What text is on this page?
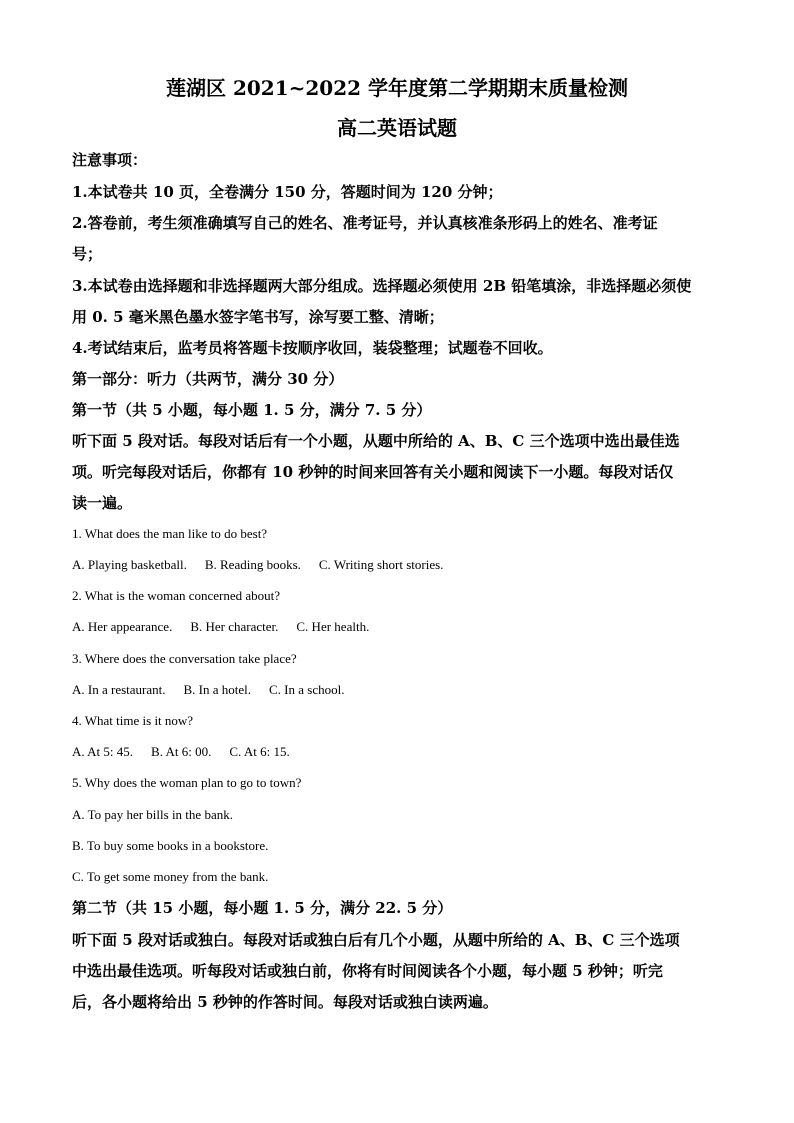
莲湖区 2021~2022 学年度第二学期期末质量检测
高二英语试题
注意事项：
1.本试卷共 10 页，全卷满分 150 分，答题时间为 120 分钟；
2.答卷前，考生须准确填写自己的姓名、准考证号，并认真核准条形码上的姓名、准考证
号；
3.本试卷由选择题和非选择题两大部分组成。选择题必须使用 2B 铅笔填涂，非选择题必须使
用 0. 5 毫米黑色墨水签字笔书写，涂写要工整、清晰；
4.考试结束后，监考员将答题卡按顺序收回，装袋整理；试题卷不回收。
第一部分：听力（共两节，满分 30 分）
第一节（共 5 小题，每小题 1. 5 分，满分 7. 5 分）
听下面 5 段对话。每段对话后有一个小题，从题中所给的 A、B、C 三个选项中选出最佳选
项。听完每段对话后，你都有 10 秒钟的时间来回答有关小题和阅读下一小题。每段对话仅
读一遍。
1. What does the man like to do best?
A. Playing basketball. B. Reading books. C. Writing short stories.
2. What is the woman concerned about?
A. Her appearance. B. Her character. C. Her health.
3. Where does the conversation take place?
A. In a restaurant. B. In a hotel. C. In a school.
4. What time is it now?
A. At 5: 45. B. At 6: 00. C. At 6: 15.
5. Why does the woman plan to go to town?
A. To pay her bills in the bank.
B. To buy some books in a bookstore.
C. To get some money from the bank.
第二节（共 15 小题，每小题 1. 5 分，满分 22. 5 分）
听下面 5 段对话或独白。每段对话或独白后有几个小题，从题中所给的 A、B、C 三个选项
中选出最佳选项。听每段对话或独白前，你将有时间阅读各个小题，每小题 5 秒钟；听完
后，各小题将给出 5 秒钟的作答时间。每段对话或独白读两遍。
